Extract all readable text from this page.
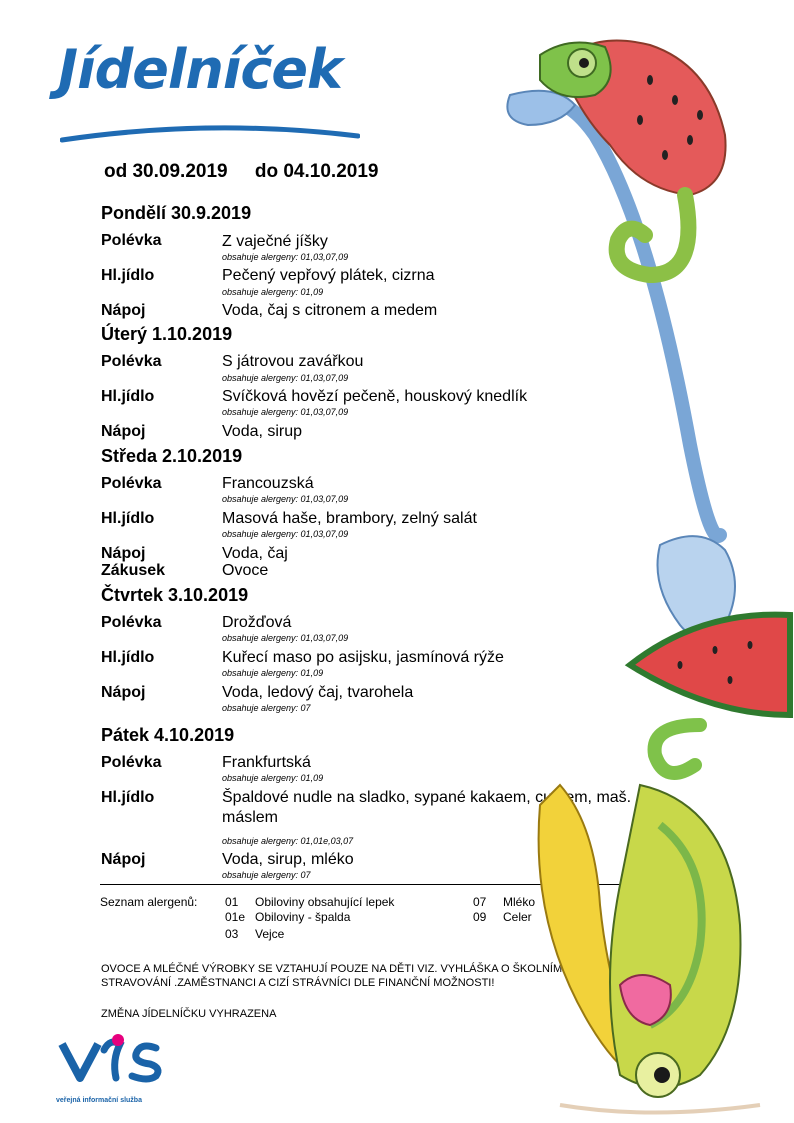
Jídelníček
od 30.09.2019 do 04.10.2019
Pondělí 30.9.2019
Polévka	Z vaječné jíšky
obsahuje alergeny: 01,03,07,09
Hl.jídlo	Pečený vepřový plátek, cizrna
obsahuje alergeny: 01,09
Nápoj	Voda, čaj s citronem a medem
Úterý 1.10.2019
Polévka	S játrovou zavářkou
obsahuje alergeny: 01,03,07,09
Hl.jídlo	Svíčková hovězí pečeně, houskový knedlík
obsahuje alergeny: 01,03,07,09
Nápoj	Voda, sirup
Středa 2.10.2019
Polévka	Francouzská
obsahuje alergeny: 01,03,07,09
Hl.jídlo	Masová haše, brambory, zelný salát
obsahuje alergeny: 01,03,07,09
Nápoj	Voda, čaj
Zákusek	Ovoce
Čtvrtek 3.10.2019
Polévka	Drožďová
obsahuje alergeny: 01,03,07,09
Hl.jídlo	Kuřecí maso po asijsku, jasmínová rýže
obsahuje alergeny: 01,09
Nápoj	Voda, ledový čaj, tvarohela
obsahuje alergeny: 07
Pátek 4.10.2019
Polévka	Frankfurtská
obsahuje alergeny: 01,09
Hl.jídlo	Špaldové nudle na sladko, sypané kakaem, cukrem, maš.
máslem
obsahuje alergeny: 01,01e,03,07
Nápoj	Voda, sirup, mléko
obsahuje alergeny: 07
Seznam alergenů: 01 Obiloviny obsahující lepek
01e Obiloviny - špalda
03 Vejce
07 Mléko
09 Celer
OVOCE A MLÉČNÉ VÝROBKY SE VZTAHUJÍ POUZE NA DĚTI VIZ. VYHLÁŠKA O ŠKOLNÍM
STRAVOVÁNÍ .ZAMĚSTNANCI A CIZÍ STRÁVNÍCI DLE FINANČNÍ MOŽNOSTI!
ZMĚNA JÍDELNÍČKU VYHRAZENA
veřejná informační služba
